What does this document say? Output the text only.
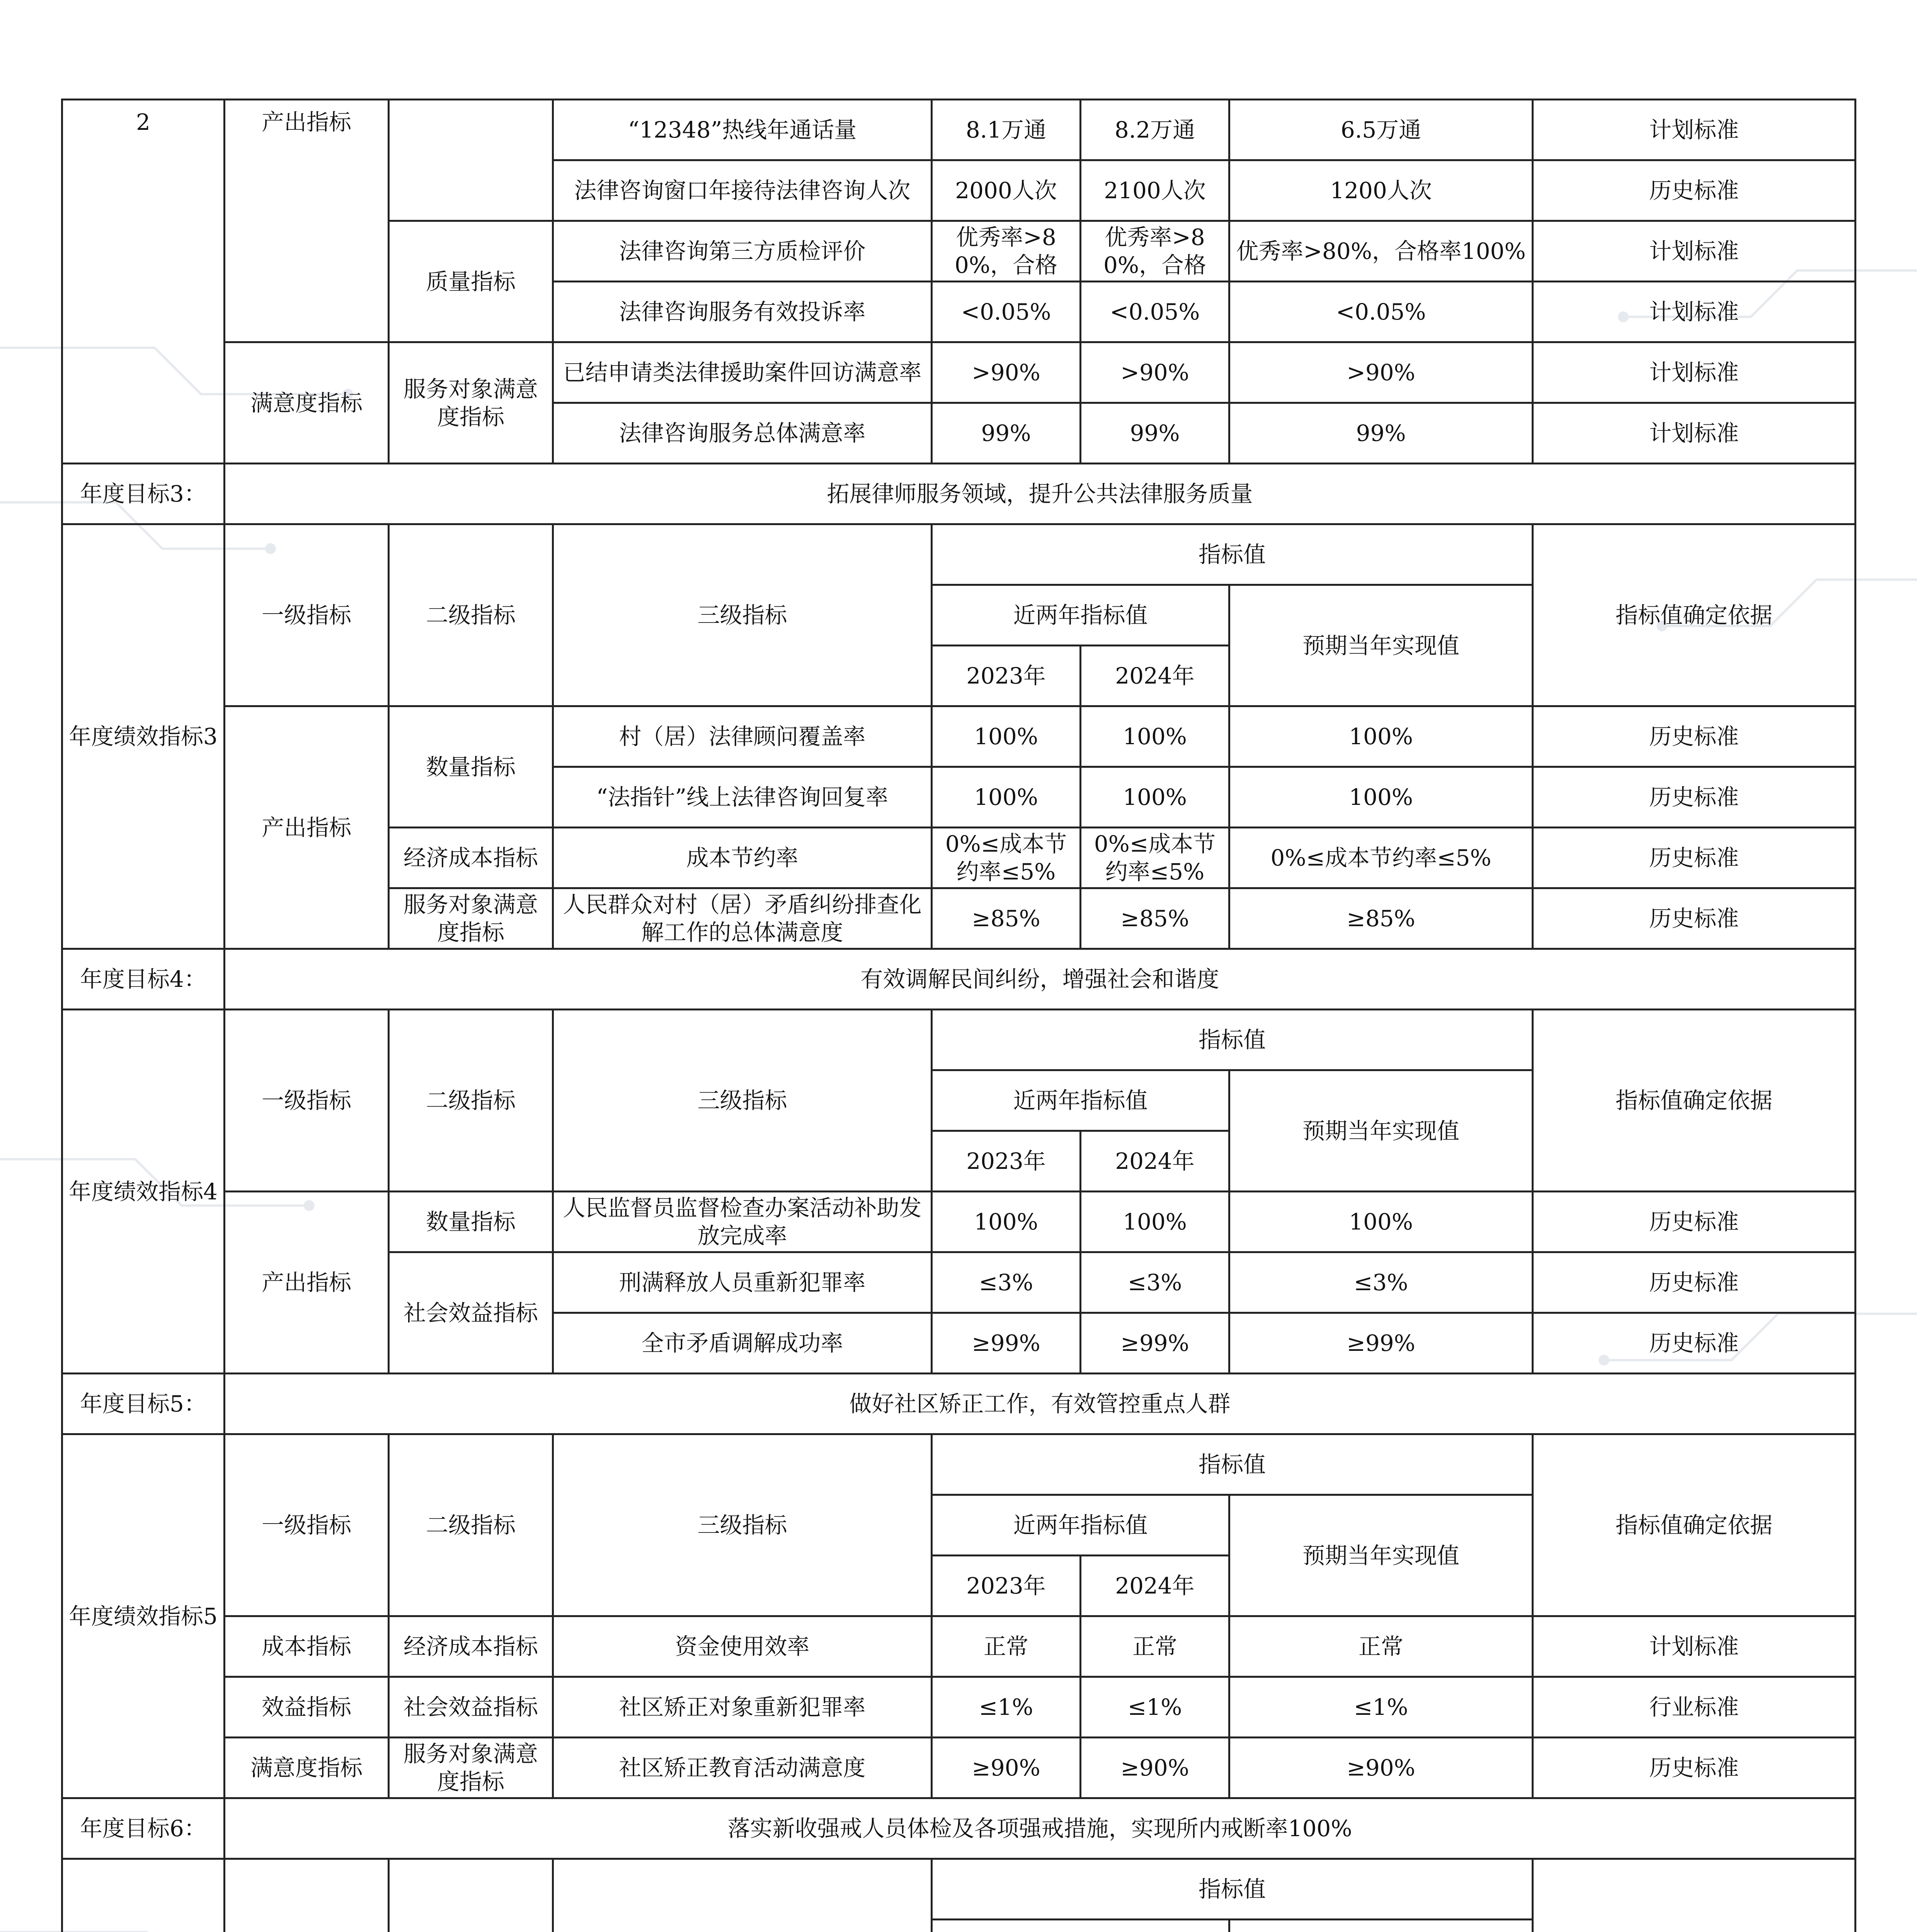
2	产出指标		“12348”热线年通话量	8.1万通	8.2万通	6.5万通	计划标准
			法律咨询窗口年接待法律咨询人次	2000人次	2100人次	1200人次	历史标准
		质量指标	法律咨询第三方质检评价	优秀率>80%，合格	优秀率>80%，合格	优秀率>80%，合格率100%	计划标准
			法律咨询服务有效投诉率	<0.05%	<0.05%	<0.05%	计划标准
	满意度指标	服务对象满意度指标	已结申请类法律援助案件回访满意率	>90%	>90%	>90%	计划标准
			法律咨询服务总体满意率	99%	99%	99%	计划标准
年度目标3：	拓展律师服务领域，提升公共法律服务质量						
年度绩效指标3	一级指标	二级指标	三级指标	指标值			指标值确定依据
				近两年指标值		预期当年实现值	
				2023年	2024年		
	产出指标	数量指标	村（居）法律顾问覆盖率	100%	100%	100%	历史标准
			“法指针”线上法律咨询回复率	100%	100%	100%	历史标准
		经济成本指标	成本节约率	0%≤成本节约率≤5%	0%≤成本节约率≤5%	0%≤成本节约率≤5%	历史标准
		服务对象满意度指标	人民群众对村（居）矛盾纠纷排查化解工作的总体满意度	≥85%	≥85%	≥85%	历史标准
年度目标4：	有效调解民间纠纷，增强社会和谐度						
年度绩效指标4	一级指标	二级指标	三级指标	指标值			指标值确定依据
				近两年指标值		预期当年实现值	
				2023年	2024年		
	产出指标	数量指标	人民监督员监督检查办案活动补助发放完成率	100%	100%	100%	历史标准
		社会效益指标	刑满释放人员重新犯罪率	≤3%	≤3%	≤3%	历史标准
			全市矛盾调解成功率	≥99%	≥99%	≥99%	历史标准
年度目标5：	做好社区矫正工作，有效管控重点人群						
年度绩效指标5	一级指标	二级指标	三级指标	指标值			指标值确定依据
				近两年指标值		预期当年实现值	
				2023年	2024年		
	成本指标	经济成本指标	资金使用效率	正常	正常	正常	计划标准
	效益指标	社会效益指标	社区矫正对象重新犯罪率	≤1%	≤1%	≤1%	行业标准
	满意度指标	服务对象满意度指标	社区矫正教育活动满意度	≥90%	≥90%	≥90%	历史标准
年度目标6：	落实新收强戒人员体检及各项强戒措施，实现所内戒断率100%						
				指标值	
